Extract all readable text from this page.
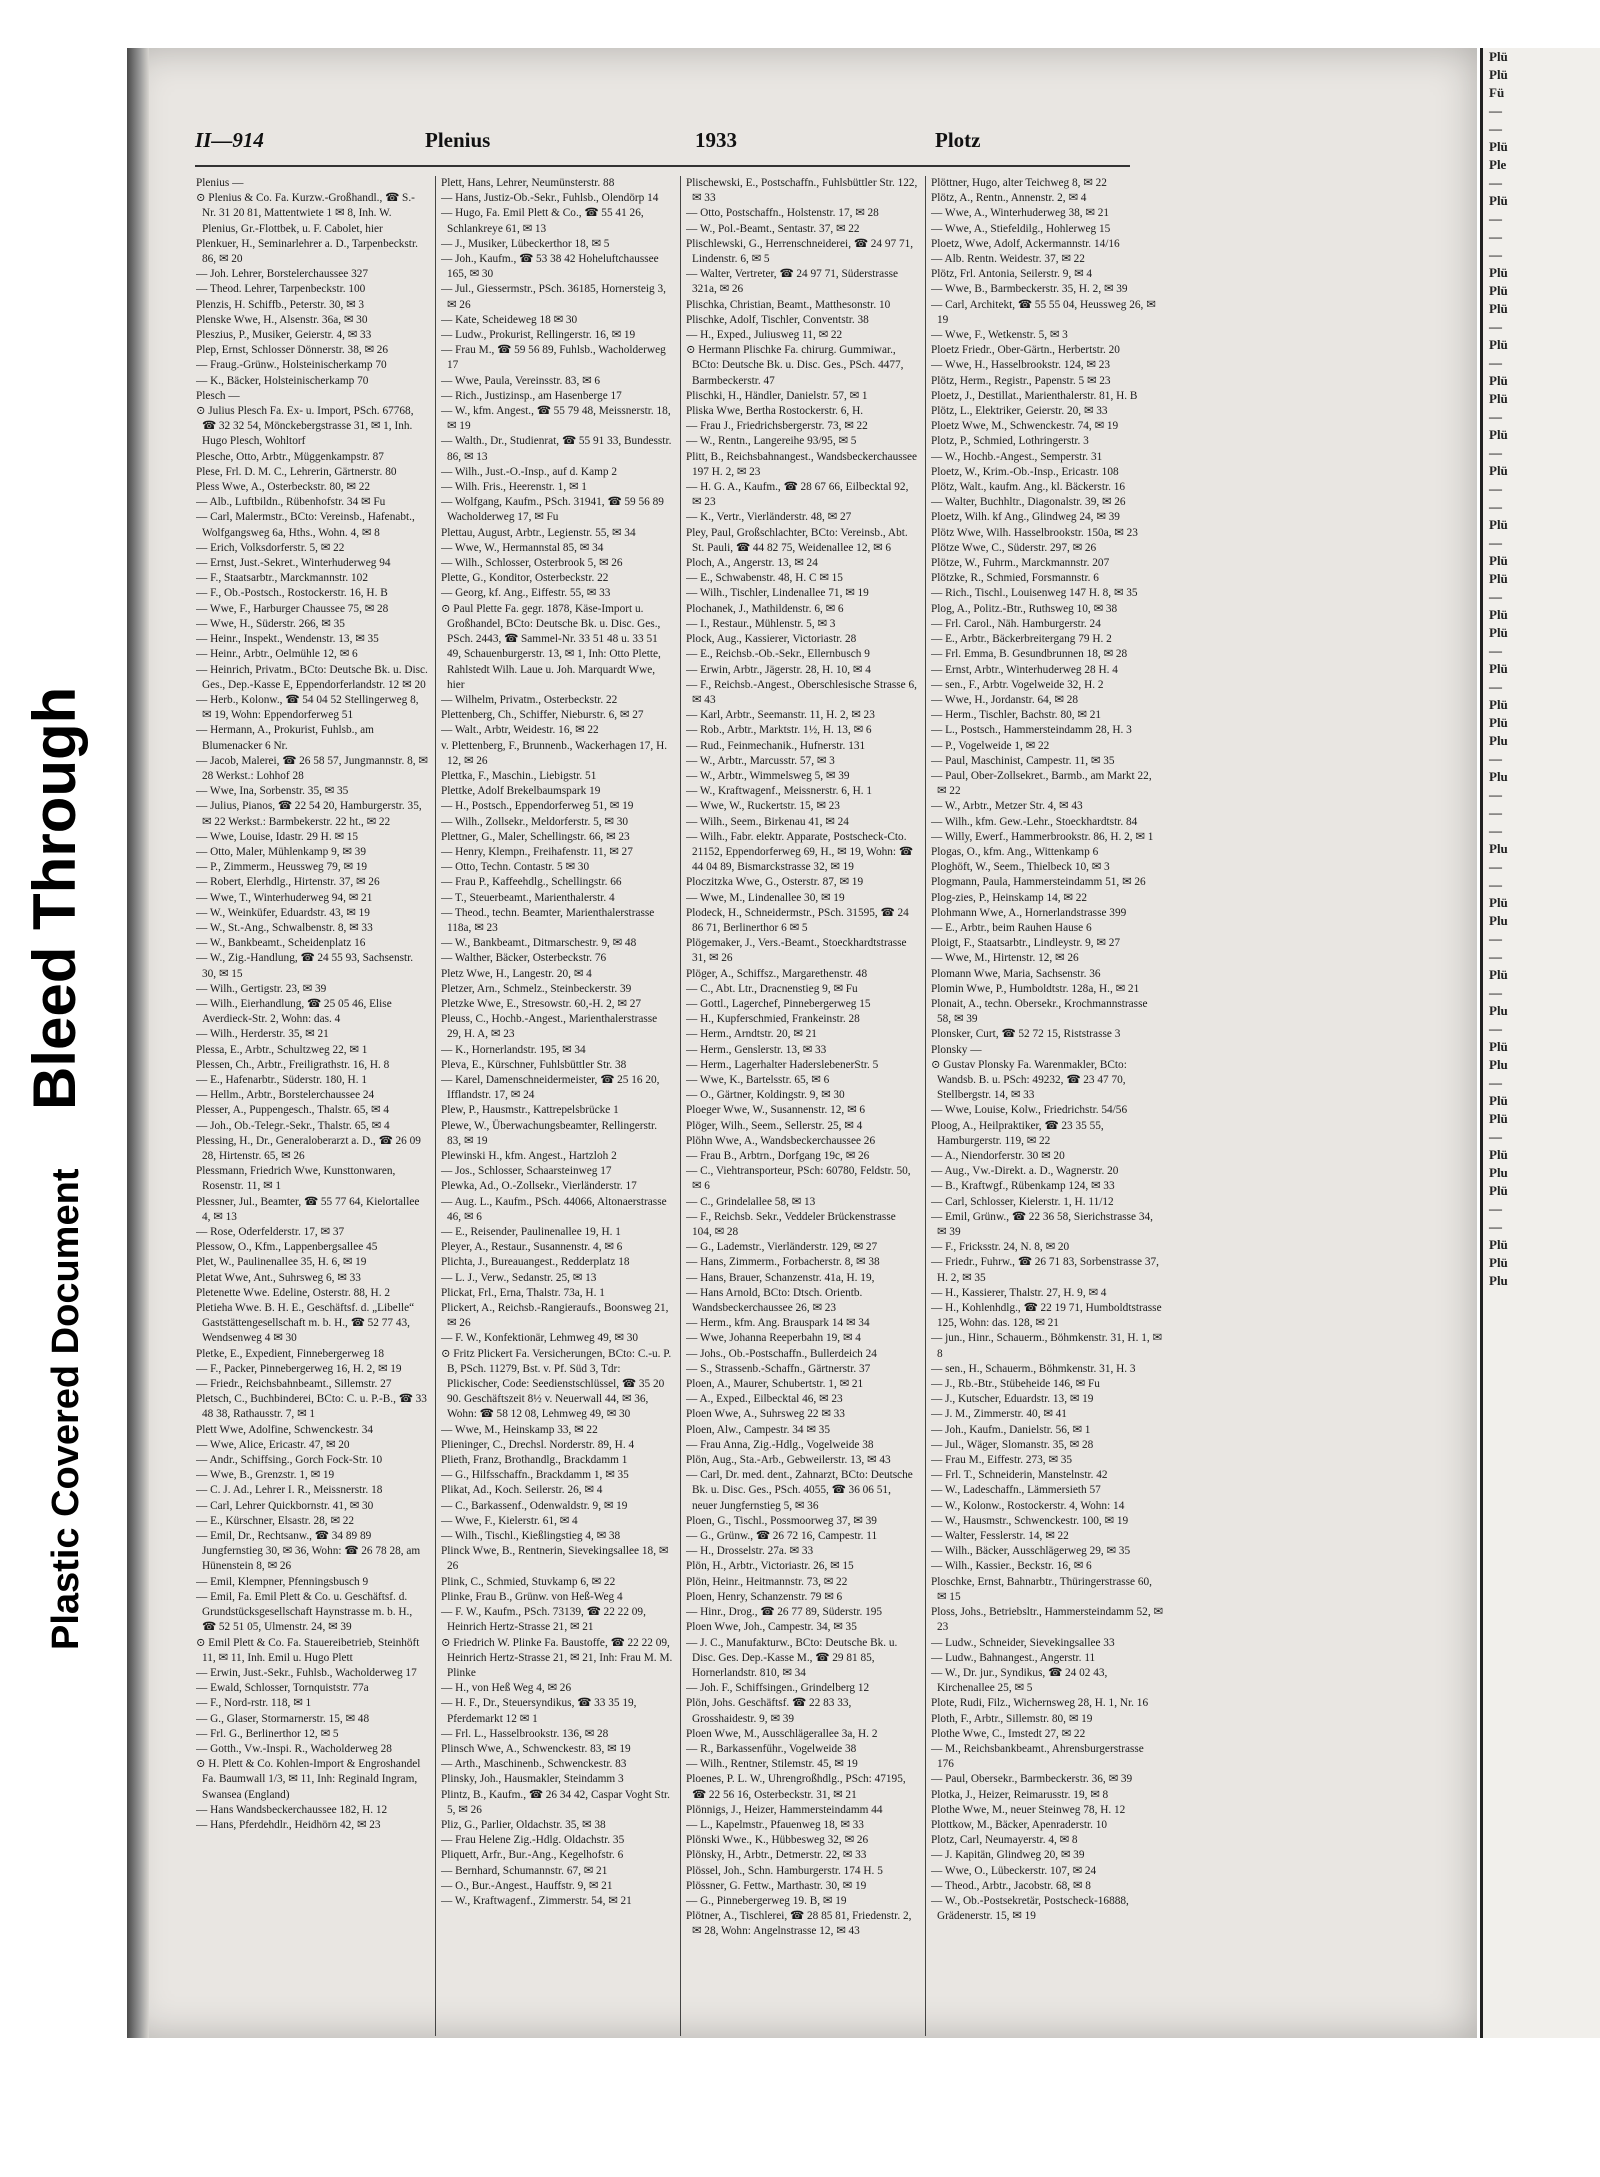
Bleed Through
Plastic Covered Document
Plü
Plü
Fü
—
—
Plü
Ple
—
Plü
—
—
—
Plü
Plü
Plü
—
Plü
—
Plü
Plü
—
Plü
—
Plü
—
—
Plü
—
Plü
Plü
—
Plü
Plü
—
Plü
—
Plü
Plü
Plu
—
Plu
—
—
—
Plu
—
—
Plü
Plu
—
—
Plü
—
Plu
—
Plü
Plu
—
Plü
Plü
—
Plü
Plu
Plü
—
—
Plü
Plü
Plu
II—914	Plenius	1933	Plotz

Plenius —

⊙ Plenius & Co. Fa. Kurzw.-Großhandl., ☎ S.-Nr. 31 20 81, Mattentwiete 1 ✉ 8, Inh. W. Plenius, Gr.-Flottbek, u. F. Cabolet, hier

Plenkuer, H., Seminarlehrer a. D., Tarpenbeckstr. 86, ✉ 20

— Joh. Lehrer, Borstelerchaussee 327

— Theod. Lehrer, Tarpenbeckstr. 100

Plenzis, H. Schiffb., Peterstr. 30, ✉ 3

Plenske Wwe, H., Alsenstr. 36a, ✉ 30

Pleszius, P., Musiker, Geierstr. 4, ✉ 33

Plep, Ernst, Schlosser Dönnerstr. 38, ✉ 26

— Fraug.-Grünw., Holsteinischerkamp 70

— K., Bäcker, Holsteinischerkamp 70

Plesch —

⊙ Julius Plesch Fa. Ex- u. Import, PSch. 67768, ☎ 32 32 54, Mönckebergstrasse 31, ✉ 1, Inh. Hugo Plesch, Wohltorf

Plesche, Otto, Arbtr., Müggenkampstr. 87

Plese, Frl. D. M. C., Lehrerin, Gärtnerstr. 80

Pless Wwe, A., Osterbeckstr. 80, ✉ 22

— Alb., Luftbildn., Rübenhofstr. 34 ✉ Fu

— Carl, Malermstr., BCto: Vereinsb., Hafenabt., Wolfgangsweg 6a, Hths., Wohn. 4, ✉ 8

— Erich, Volksdorferstr. 5, ✉ 22

— Ernst, Just.-Sekret., Winterhuderweg 94

— F., Staatsarbtr., Marckmannstr. 102

— F., Ob.-Postsch., Rostockerstr. 16, H. B

— Wwe, F., Harburger Chaussee 75, ✉ 28

— Wwe, H., Süderstr. 266, ✉ 35

— Heinr., Inspekt., Wendenstr. 13, ✉ 35

— Heinr., Arbtr., Oelmühle 12, ✉ 6

— Heinrich, Privatm., BCto: Deutsche Bk. u. Disc. Ges., Dep.-Kasse E, Eppendorferlandstr. 12 ✉ 20

— Herb., Kolonw., ☎ 54 04 52 Stellingerweg 8, ✉ 19, Wohn: Eppendorferweg 51

— Hermann, A., Prokurist, Fuhlsb., am Blumenacker 6 Nr.

— Jacob, Malerei, ☎ 26 58 57, Jungmannstr. 8, ✉ 28 Werkst.: Lohhof 28

— Wwe, Ina, Sorbenstr. 35, ✉ 35

— Julius, Pianos, ☎ 22 54 20, Hamburgerstr. 35, ✉ 22 Werkst.: Barmbekerstr. 22 ht., ✉ 22

— Wwe, Louise, Idastr. 29 H. ✉ 15

— Otto, Maler, Mühlenkamp 9, ✉ 39

— P., Zimmerm., Heussweg 79, ✉ 19

— Robert, Elerhdlg., Hirtenstr. 37, ✉ 26

— Wwe, T., Winterhuderweg 94, ✉ 21

— W., Weinküfer, Eduardstr. 43, ✉ 19

— W., St.-Ang., Schwalbenstr. 8, ✉ 33

— W., Bankbeamt., Scheidenplatz 16

— W., Zig.-Handlung, ☎ 24 55 93, Sachsenstr. 30, ✉ 15

— Wilh., Gertigstr. 23, ✉ 39

— Wilh., Eierhandlung, ☎ 25 05 46, Elise Averdieck-Str. 2, Wohn: das. 4

— Wilh., Herderstr. 35, ✉ 21

Plessa, E., Arbtr., Schultzweg 22, ✉ 1

Plessen, Ch., Arbtr., Freiligrathstr. 16, H. 8

— E., Hafenarbtr., Süderstr. 180, H. 1

— Hellm., Arbtr., Borstelerchaussee 24

Plesser, A., Puppengesch., Thalstr. 65, ✉ 4

— Joh., Ob.-Telegr.-Sekr., Thalstr. 65, ✉ 4

Plessing, H., Dr., Generaloberarzt a. D., ☎ 26 09 28, Hirtenstr. 65, ✉ 26

Plessmann, Friedrich Wwe, Kunsttonwaren, Rosenstr. 11, ✉ 1

Plessner, Jul., Beamter, ☎ 55 77 64, Kielortallee 4, ✉ 13

— Rose, Oderfelderstr. 17, ✉ 37

Plessow, O., Kfm., Lappenbergsallee 45

Plet, W., Paulinenallee 35, H. 6, ✉ 19

Pletat Wwe, Ant., Suhrsweg 6, ✉ 33

Pletenette Wwe. Edeline, Osterstr. 88, H. 2

Pletieha Wwe. B. H. E., Geschäftsf. d. „Libelle“ Gaststättengesellschaft m. b. H., ☎ 52 77 43, Wendsenweg 4 ✉ 30

Pletke, E., Expedient, Finnebergerweg 18

— F., Packer, Pinnebergerweg 16, H. 2, ✉ 19

— Friedr., Reichsbahnbeamt., Sillemstr. 27

Pletsch, C., Buchbinderei, BCto: C. u. P.-B., ☎ 33 48 38, Rathausstr. 7, ✉ 1

Plett Wwe, Adolfine, Schwenckestr. 34

— Wwe, Alice, Ericastr. 47, ✉ 20

— Andr., Schiffsing., Gorch Fock-Str. 10

— Wwe, B., Grenzstr. 1, ✉ 19

— C. J. Ad., Lehrer I. R., Meissnerstr. 18

— Carl, Lehrer Quickbornstr. 41, ✉ 30

— E., Kürschner, Elsastr. 28, ✉ 22

— Emil, Dr., Rechtsanw., ☎ 34 89 89 Jungfernstieg 30, ✉ 36, Wohn: ☎ 26 78 28, am Hünenstein 8, ✉ 26

— Emil, Klempner, Pfenningsbusch 9

— Emil, Fa. Emil Plett & Co. u. Geschäftsf. d. Grundstücksgesellschaft Haynstrasse m. b. H., ☎ 52 51 05, Ulmenstr. 24, ✉ 39

⊙ Emil Plett & Co. Fa. Stauereibetrieb, Steinhöft 11, ✉ 11, Inh. Emil u. Hugo Plett

— Erwin, Just.-Sekr., Fuhlsb., Wacholderweg 17

— Ewald, Schlosser, Tornquiststr. 77a

— F., Nord-rstr. 118, ✉ 1

— G., Glaser, Stormarnerstr. 15, ✉ 48

— Frl. G., Berlinerthor 12, ✉ 5

— Gotth., Vw.-Inspi. R., Wacholderweg 28

⊙ H. Plett & Co. Kohlen-Import & Engroshandel Fa. Baumwall 1/3, ✉ 11, Inh: Reginald Ingram, Swansea (England)

— Hans Wandsbeckerchaussee 182, H. 12

— Hans, Pferdehdlr., Heidhörn 42, ✉ 23

Plett, Hans, Lehrer, Neumünsterstr. 88

— Hans, Justiz-Ob.-Sekr., Fuhlsb., Olendörp 14

— Hugo, Fa. Emil Plett & Co., ☎ 55 41 26, Schlankreye 61, ✉ 13

— J., Musiker, Lübeckerthor 18, ✉ 5

— Joh., Kaufm., ☎ 53 38 42 Hoheluftchaussee 165, ✉ 30

— Jul., Giessermstr., PSch. 36185, Hornersteig 3, ✉ 26

— Kate, Scheideweg 18 ✉ 30

— Ludw., Prokurist, Rellingerstr. 16, ✉ 19

— Frau M., ☎ 59 56 89, Fuhlsb., Wacholderweg 17

— Wwe, Paula, Vereinsstr. 83, ✉ 6

— Rich., Justizinsp., am Hasenberge 17

— W., kfm. Angest., ☎ 55 79 48, Meissnerstr. 18, ✉ 19

— Walth., Dr., Studienrat, ☎ 55 91 33, Bundesstr. 86, ✉ 13

— Wilh., Just.-O.-Insp., auf d. Kamp 2

— Wilh. Fris., Heerenstr. 1, ✉ 1

— Wolfgang, Kaufm., PSch. 31941, ☎ 59 56 89 Wacholderweg 17, ✉ Fu

Plettau, August, Arbtr., Legienstr. 55, ✉ 34

— Wwe, W., Hermannstal 85, ✉ 34

— Wilh., Schlosser, Osterbrook 5, ✉ 26

Plette, G., Konditor, Osterbeckstr. 22

— Georg, kf. Ang., Eiffestr. 55, ✉ 33

⊙ Paul Plette Fa. gegr. 1878, Käse-Import u. Großhandel, BCto: Deutsche Bk. u. Disc. Ges., PSch. 2443, ☎ Sammel-Nr. 33 51 48 u. 33 51 49, Schauenburgerstr. 13, ✉ 1, Inh: Otto Plette, Rahlstedt Wilh. Laue u. Joh. Marquardt Wwe, hier

— Wilhelm, Privatm., Osterbeckstr. 22

Plettenberg, Ch., Schiffer, Nieburstr. 6, ✉ 27

— Walt., Arbtr, Weidestr. 16, ✉ 22

v. Plettenberg, F., Brunnenb., Wackerhagen 17, H. 12, ✉ 26

Plettka, F., Maschin., Liebigstr. 51

Plettke, Adolf Brekelbaumspark 19

— H., Postsch., Eppendorferweg 51, ✉ 19

— Wilh., Zollsekr., Meldorferstr. 5, ✉ 30

Plettner, G., Maler, Schellingstr. 66, ✉ 23

— Henry, Klempn., Freihafenstr. 11, ✉ 27

— Otto, Techn. Contastr. 5 ✉ 30

— Frau P., Kaffeehdlg., Schellingstr. 66

— T., Steuerbeamt., Marienthalerstr. 4

— Theod., techn. Beamter, Marienthalerstrasse 118a, ✉ 23

— W., Bankbeamt., Ditmarschestr. 9, ✉ 48

— Walther, Bäcker, Osterbeckstr. 76

Pletz Wwe, H., Langestr. 20, ✉ 4

Pletzer, Arn., Schmelz., Steinbeckerstr. 39

Pletzke Wwe, E., Stresowstr. 60,-H. 2, ✉ 27

Pleuss, C., Hochb.-Angest., Marienthalerstrasse 29, H. A, ✉ 23

— K., Hornerlandstr. 195, ✉ 34

Pleva, E., Kürschner, Fuhlsbüttler Str. 38

— Karel, Damenschneidermeister, ☎ 25 16 20, Ifflandstr. 17, ✉ 24

Plew, P., Hausmstr., Kattrepelsbrücke 1

Plewe, W., Überwachungsbeamter, Rellingerstr. 83, ✉ 19

Plewinski H., kfm. Angest., Hartzloh 2

— Jos., Schlosser, Schaarsteinweg 17

Plewka, Ad., O.-Zollsekr., Vierländerstr. 17

— Aug. L., Kaufm., PSch. 44066, Altonaerstrasse 46, ✉ 6

— E., Reisender, Paulinenallee 19, H. 1

Pleyer, A., Restaur., Susannenstr. 4, ✉ 6

Plichta, J., Bureauangest., Redderplatz 18

— L. J., Verw., Sedanstr. 25, ✉ 13

Plickat, Frl., Erna, Thalstr. 73a, H. 1

Plickert, A., Reichsb.-Rangieraufs., Boonsweg 21, ✉ 26

— F. W., Konfektionär, Lehmweg 49, ✉ 30

⊙ Fritz Plickert Fa. Versicherungen, BCto: C.-u. P. B, PSch. 11279, Bst. v. Pf. Süd 3, Tdr: Plickischer, Code: Seedienstschlüssel, ☎ 35 20 90. Geschäftszeit 8½ v. Neuerwall 44, ✉ 36, Wohn: ☎ 58 12 08, Lehmweg 49, ✉ 30

— Wwe, M., Heinskamp 33, ✉ 22

Plieninger, C., Drechsl. Norderstr. 89, H. 4

Plieth, Franz, Brothandlg., Brackdamm 1

— G., Hilfsschaffn., Brackdamm 1, ✉ 35

Plikat, Ad., Koch. Seilerstr. 26, ✉ 4

— C., Barkassenf., Odenwaldstr. 9, ✉ 19

— Wwe, F., Kielerstr. 61, ✉ 4

— Wilh., Tischl., Kießlingstieg 4, ✉ 38

Plinck Wwe, B., Rentnerin, Sievekingsallee 18, ✉ 26

Plink, C., Schmied, Stuvkamp 6, ✉ 22

Plinke, Frau B., Grünw. von Heß-Weg 4

— F. W., Kaufm., PSch. 73139, ☎ 22 22 09, Heinrich Hertz-Strasse 21, ✉ 21

⊙ Friedrich W. Plinke Fa. Baustoffe, ☎ 22 22 09, Heinrich Hertz-Strasse 21, ✉ 21, Inh: Frau M. M. Plinke

— H., von Heß Weg 4, ✉ 26

— H. F., Dr., Steuersyndikus, ☎ 33 35 19, Pferdemarkt 12 ✉ 1

— Frl. L., Hasselbrookstr. 136, ✉ 28

Plinsch Wwe, A., Schwenckestr. 83, ✉ 19

— Arth., Maschinenb., Schwenckestr. 83

Plinsky, Joh., Hausmakler, Steindamm 3

Plintz, B., Kaufm., ☎ 26 34 42, Caspar Voght Str. 5, ✉ 26

Pliz, G., Parlier, Oldachstr. 35, ✉ 38

— Frau Helene Zig.-Hdlg. Oldachstr. 35

Pliquett, Arfr., Bur.-Ang., Kegelhofstr. 6

— Bernhard, Schumannstr. 67, ✉ 21

— O., Bur.-Angest., Hauffstr. 9, ✉ 21

— W., Kraftwagenf., Zimmerstr. 54, ✉ 21

Plischewski, E., Postschaffn., Fuhlsbüttler Str. 122, ✉ 33

— Otto, Postschaffn., Holstenstr. 17, ✉ 28

— W., Pol.-Beamt., Sentastr. 37, ✉ 22

Plischlewski, G., Herrenschneiderei, ☎ 24 97 71, Lindenstr. 6, ✉ 5

— Walter, Vertreter, ☎ 24 97 71, Süderstrasse 321a, ✉ 26

Plischka, Christian, Beamt., Matthesonstr. 10

Plischke, Adolf, Tischler, Conventstr. 38

— H., Exped., Juliusweg 11, ✉ 22

⊙ Hermann Plischke Fa. chirurg. Gummiwar., BCto: Deutsche Bk. u. Disc. Ges., PSch. 4477, Barmbeckerstr. 47

Plischki, H., Händler, Danielstr. 57, ✉ 1

Pliska Wwe, Bertha Rostockerstr. 6, H.

— Frau J., Friedrichsbergerstr. 73, ✉ 22

— W., Rentn., Langereihe 93/95, ✉ 5

Plitt, B., Reichsbahnangest., Wandsbeckerchaussee 197 H. 2, ✉ 23

— H. G. A., Kaufm., ☎ 28 67 66, Eilbecktal 92, ✉ 23

— K., Vertr., Vierländerstr. 48, ✉ 27

Pley, Paul, Großschlachter, BCto: Vereinsb., Abt. St. Pauli, ☎ 44 82 75, Weidenallee 12, ✉ 6

Ploch, A., Angerstr. 13, ✉ 24

— E., Schwabenstr. 48, H. C ✉ 15

— Wilh., Tischler, Lindenallee 71, ✉ 19

Plochanek, J., Mathildenstr. 6, ✉ 6

— I., Restaur., Mühlenstr. 5, ✉ 3

Plock, Aug., Kassierer, Victoriastr. 28

— E., Reichsb.-Ob.-Sekr., Ellernbusch 9

— Erwin, Arbtr., Jägerstr. 28, H. 10, ✉ 4

— F., Reichsb.-Angest., Oberschlesische Strasse 6, ✉ 43

— Karl, Arbtr., Seemanstr. 11, H. 2, ✉ 23

— Rob., Arbtr., Marktstr. 1½, H. 13, ✉ 6

— Rud., Feinmechanik., Hufnerstr. 131

— W., Arbtr., Marcusstr. 57, ✉ 3

— W., Arbtr., Wimmelsweg 5, ✉ 39

— W., Kraftwagenf., Meissnerstr. 6, H. 1

— Wwe, W., Ruckertstr. 15, ✉ 23

— Wilh., Seem., Birkenau 41, ✉ 24

— Wilh., Fabr. elektr. Apparate, Postscheck-Cto. 21152, Eppendorferweg 69, H., ✉ 19, Wohn: ☎ 44 04 89, Bismarckstrasse 32, ✉ 19

Ploczitzka Wwe, G., Osterstr. 87, ✉ 19

— Wwe, M., Lindenallee 30, ✉ 19

Plodeck, H., Schneidermstr., PSch. 31595, ☎ 24 86 71, Berlinerthor 6 ✉ 5

Plögemaker, J., Vers.-Beamt., Stoeckhardtstrasse 31, ✉ 26

Plöger, A., Schiffsz., Margarethenstr. 48

— C., Abt. Ltr., Dracnenstieg 9, ✉ Fu

— Gottl., Lagerchef, Pinnebergerweg 15

— H., Kupferschmied, Frankeinstr. 28

— Herm., Arndtstr. 20, ✉ 21

— Herm., Genslerstr. 13, ✉ 33

— Herm., Lagerhalter HaderslebenerStr. 5

— Wwe, K., Bartelsstr. 65, ✉ 6

— O., Gärtner, Koldingstr. 9, ✉ 30

Ploeger Wwe, W., Susannenstr. 12, ✉ 6

Plöger, Wilh., Seem., Sellerstr. 25, ✉ 4

Plöhn Wwe, A., Wandsbeckerchaussee 26

— Frau B., Arbtrn., Dorfgang 19c, ✉ 26

— C., Viehtransporteur, PSch: 60780, Feldstr. 50, ✉ 6

— C., Grindelallee 58, ✉ 13

— F., Reichsb. Sekr., Veddeler Brückenstrasse 104, ✉ 28

— G., Lademstr., Vierländerstr. 129, ✉ 27

— Hans, Zimmerm., Forbacherstr. 8, ✉ 38

— Hans, Brauer, Schanzenstr. 41a, H. 19,

— Hans Arnold, BCto: Dtsch. Orientb. Wandsbeckerchaussee 26, ✉ 23

— Herm., kfm. Ang. Brauspark 14 ✉ 34

— Wwe, Johanna Reeperbahn 19, ✉ 4

— Johs., Ob.-Postschaffn., Bullerdeich 24

— S., Strassenb.-Schaffn., Gärtnerstr. 37

Ploen, A., Maurer, Schubertstr. 1, ✉ 21

— A., Exped., Eilbecktal 46, ✉ 23

Ploen Wwe, A., Suhrsweg 22 ✉ 33

Ploen, Alw., Campestr. 34 ✉ 35

— Frau Anna, Zig.-Hdlg., Vogelweide 38

Plön, Aug., Sta.-Arb., Gebweilerstr. 13, ✉ 43

— Carl, Dr. med. dent., Zahnarzt, BCto: Deutsche Bk. u. Disc. Ges., PSch. 4055, ☎ 36 06 51, neuer Jungfernstieg 5, ✉ 36

Ploen, G., Tischl., Possmoorweg 37, ✉ 39

— G., Grünw., ☎ 26 72 16, Campestr. 11

— H., Drosselstr. 27a. ✉ 33

Plön, H., Arbtr., Victoriastr. 26, ✉ 15

Plön, Heinr., Heitmannstr. 73, ✉ 22

Ploen, Henry, Schanzenstr. 79 ✉ 6

— Hinr., Drog., ☎ 26 77 89, Süderstr. 195

Ploen Wwe, Joh., Campestr. 34, ✉ 35

— J. C., Manufakturw., BCto: Deutsche Bk. u. Disc. Ges. Dep.-Kasse M., ☎ 29 81 85, Hornerlandstr. 810, ✉ 34

— Joh. F., Schiffsingen., Grindelberg 12

Plön, Johs. Geschäftsf. ☎ 22 83 33, Grosshaidestr. 9, ✉ 39

Ploen Wwe, M., Ausschlägerallee 3a, H. 2

— R., Barkassenführ., Vogelweide 38

— Wilh., Rentner, Stilemstr. 45, ✉ 19

Ploenes, P. L. W., Uhrengroßhdlg., PSch: 47195, ☎ 22 56 16, Osterbeckstr. 31, ✉ 21

Plönnigs, J., Heizer, Hammersteindamm 44

— L., Kapelmstr., Pfauenweg 18, ✉ 33

Plönski Wwe., K., Hübbesweg 32, ✉ 26

Plönsky, H., Arbtr., Detmerstr. 22, ✉ 33

Plössel, Joh., Schn. Hamburgerstr. 174 H. 5

Plössner, G. Fettw., Marthastr. 30, ✉ 19

— G., Pinnebergerweg 19. B, ✉ 19

Plötner, A., Tischlerei, ☎ 28 85 81, Friedenstr. 2, ✉ 28, Wohn: Angelnstrasse 12, ✉ 43

Plöttner, Hugo, alter Teichweg 8, ✉ 22

Plötz, A., Rentn., Annenstr. 2, ✉ 4

— Wwe, A., Winterhuderweg 38, ✉ 21

— Wwe, A., Stiefeldilg., Hohlerweg 15

Ploetz, Wwe, Adolf, Ackermannstr. 14/16

— Alb. Rentn. Weidestr. 37, ✉ 22

Plötz, Frl. Antonia, Seilerstr. 9, ✉ 4

— Wwe, B., Barmbeckerstr. 35, H. 2, ✉ 39

— Carl, Architekt, ☎ 55 55 04, Heussweg 26, ✉ 19

— Wwe, F., Wetkenstr. 5, ✉ 3

Ploetz Friedr., Ober-Gärtn., Herbertstr. 20

— Wwe, H., Hasselbrookstr. 124, ✉ 23

Plötz, Herm., Registr., Papenstr. 5 ✉ 23

Ploetz, J., Destillat., Marienthalerstr. 81, H. B

Plötz, L., Elektriker, Geierstr. 20, ✉ 33

Ploetz Wwe, M., Schwenckestr. 74, ✉ 19

Plotz, P., Schmied, Lothringerstr. 3

— W., Hochb.-Angest., Semperstr. 31

Ploetz, W., Krim.-Ob.-Insp., Ericastr. 108

Plötz, Walt., kaufm. Ang., kl. Bäckerstr. 16

— Walter, Buchhltr., Diagonalstr. 39, ✉ 26

Ploetz, Wilh. kf Ang., Glindweg 24, ✉ 39

Plötz Wwe, Wilh. Hasselbrookstr. 150a, ✉ 23

Plötze Wwe, C., Süderstr. 297, ✉ 26

Plötze, W., Fuhrm., Marckmannstr. 207

Plötzke, R., Schmied, Forsmannstr. 6

— Rich., Tischl., Louisenweg 147 H. 8, ✉ 35

Plog, A., Politz.-Btr., Ruthsweg 10, ✉ 38

— Frl. Carol., Näh. Hamburgerstr. 24

— E., Arbtr., Bäckerbreitergang 79 H. 2

— Frl. Emma, B. Gesundbrunnen 18, ✉ 28

— Ernst, Arbtr., Winterhuderweg 28 H. 4

— sen., F., Arbtr. Vogelweide 32, H. 2

— Wwe, H., Jordanstr. 64, ✉ 28

— Herm., Tischler, Bachstr. 80, ✉ 21

— L., Postsch., Hammersteindamm 28, H. 3

— P., Vogelweide 1, ✉ 22

— Paul, Maschinist, Campestr. 11, ✉ 35

— Paul, Ober-Zollsekret., Barmb., am Markt 22, ✉ 22

— W., Arbtr., Metzer Str. 4, ✉ 43

— Wilh., kfm. Gew.-Lehr., Stoeckhardtstr. 84

— Willy, Ewerf., Hammerbrookstr. 86, H. 2, ✉ 1

Plogas, O., kfm. Ang., Wittenkamp 6

Ploghöft, W., Seem., Thielbeck 10, ✉ 3

Plogmann, Paula, Hammersteindamm 51, ✉ 26

Plog-zies, P., Heinskamp 14, ✉ 22

Plohmann Wwe, A., Hornerlandstrasse 399

— E., Arbtr., beim Rauhen Hause 6

Ploigt, F., Staatsarbtr., Lindleystr. 9, ✉ 27

— Wwe, M., Hirtenstr. 12, ✉ 26

Plomann Wwe, Maria, Sachsenstr. 36

Plomin Wwe, P., Humboldtstr. 128a, H., ✉ 21

Plonait, A., techn. Obersekr., Krochmannstrasse 58, ✉ 39

Plonsker, Curt, ☎ 52 72 15, Riststrasse 3

Plonsky —

⊙ Gustav Plonsky Fa. Warenmakler, BCto: Wandsb. B. u. PSch: 49232, ☎ 23 47 70, Stellbergstr. 14, ✉ 33

— Wwe, Louise, Kolw., Friedrichstr. 54/56

Ploog, A., Heilpraktiker, ☎ 23 35 55, Hamburgerstr. 119, ✉ 22

— A., Niendorferstr. 30 ✉ 20

— Aug., Vw.-Direkt. a. D., Wagnerstr. 20

— B., Kraftwgf., Rübenkamp 124, ✉ 33

— Carl, Schlosser, Kielerstr. 1, H. 11/12

— Emil, Grünw., ☎ 22 36 58, Sierichstrasse 34, ✉ 39

— F., Fricksstr. 24, N. 8, ✉ 20

— Friedr., Fuhrw., ☎ 26 71 83, Sorbenstrasse 37, H. 2, ✉ 35

— H., Kassierer, Thalstr. 27, H. 9, ✉ 4

— H., Kohlenhdlg., ☎ 22 19 71, Humboldtstrasse 125, Wohn: das. 128, ✉ 21

— jun., Hinr., Schauerm., Böhmkenstr. 31, H. 1, ✉ 8

— sen., H., Schauerm., Böhmkenstr. 31, H. 3

— J., Rb.-Btr., Stübeheide 146, ✉ Fu

— J., Kutscher, Eduardstr. 13, ✉ 19

— J. M., Zimmerstr. 40, ✉ 41

— Joh., Kaufm., Danielstr. 56, ✉ 1

— Jul., Wäger, Slomanstr. 35, ✉ 28

— Frau M., Eiffestr. 273, ✉ 35

— Frl. T., Schneiderin, Manstelnstr. 42

— W., Ladeschaffn., Lämmersieth 57

— W., Kolonw., Rostockerstr. 4, Wohn: 14

— W., Hausmstr., Schwenckestr. 100, ✉ 19

— Walter, Fesslerstr. 14, ✉ 22

— Wilh., Bäcker, Ausschlägerweg 29, ✉ 35

— Wilh., Kassier., Beckstr. 16, ✉ 6

Ploschke, Ernst, Bahnarbtr., Thüringerstrasse 60, ✉ 15

Ploss, Johs., Betriebsltr., Hammersteindamm 52, ✉ 23

— Ludw., Schneider, Sievekingsallee 33

— Ludw., Bahnangest., Angerstr. 11

— W., Dr. jur., Syndikus, ☎ 24 02 43, Kirchenallee 25, ✉ 5

Plote, Rudi, Filz., Wichernsweg 28, H. 1, Nr. 16

Ploth, F., Arbtr., Sillemstr. 80, ✉ 19

Plothe Wwe, C., Imstedt 27, ✉ 22

— M., Reichsbankbeamt., Ahrensburgerstrasse 176

— Paul, Obersekr., Barmbeckerstr. 36, ✉ 39

Plotka, J., Heizer, Reimarusstr. 19, ✉ 8

Plothe Wwe, M., neuer Steinweg 78, H. 12

Plottkow, M., Bäcker, Apenraderstr. 10

Plotz, Carl, Neumayerstr. 4, ✉ 8

— J. Kapitän, Glindweg 20, ✉ 39

— Wwe, O., Lübeckerstr. 107, ✉ 24

— Theod., Arbtr., Jacobstr. 68, ✉ 8

— W., Ob.-Postsekretär, Postscheck-16888, Grädenerstr. 15, ✉ 19
